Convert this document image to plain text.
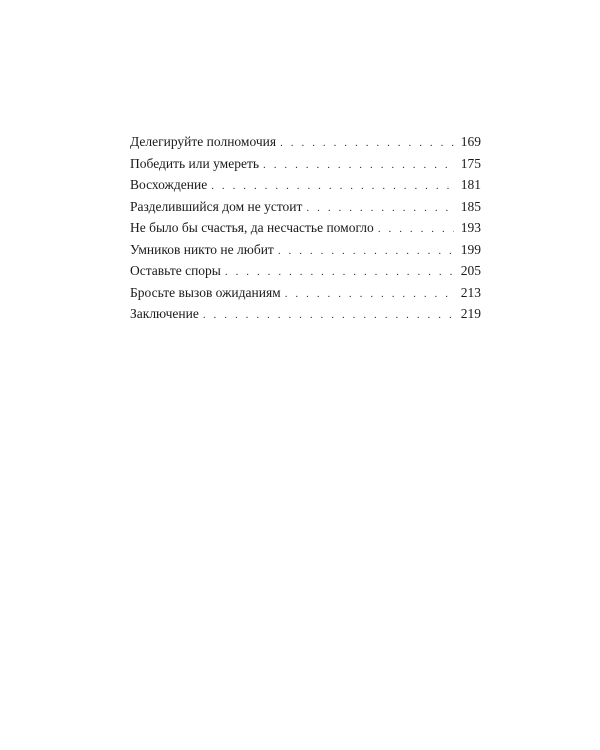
Делегируйте полномочия . . .	169
Победить или умереть . . .	175
Восхождение . . .	181
Разделившийся дом не устоит . . .	185
Не было бы счастья, да несчастье помогло . . .	193
Умников никто не любит . . .	199
Оставьте споры . . .	205
Бросьте вызов ожиданиям . . .	213
Заключение . . .	219
